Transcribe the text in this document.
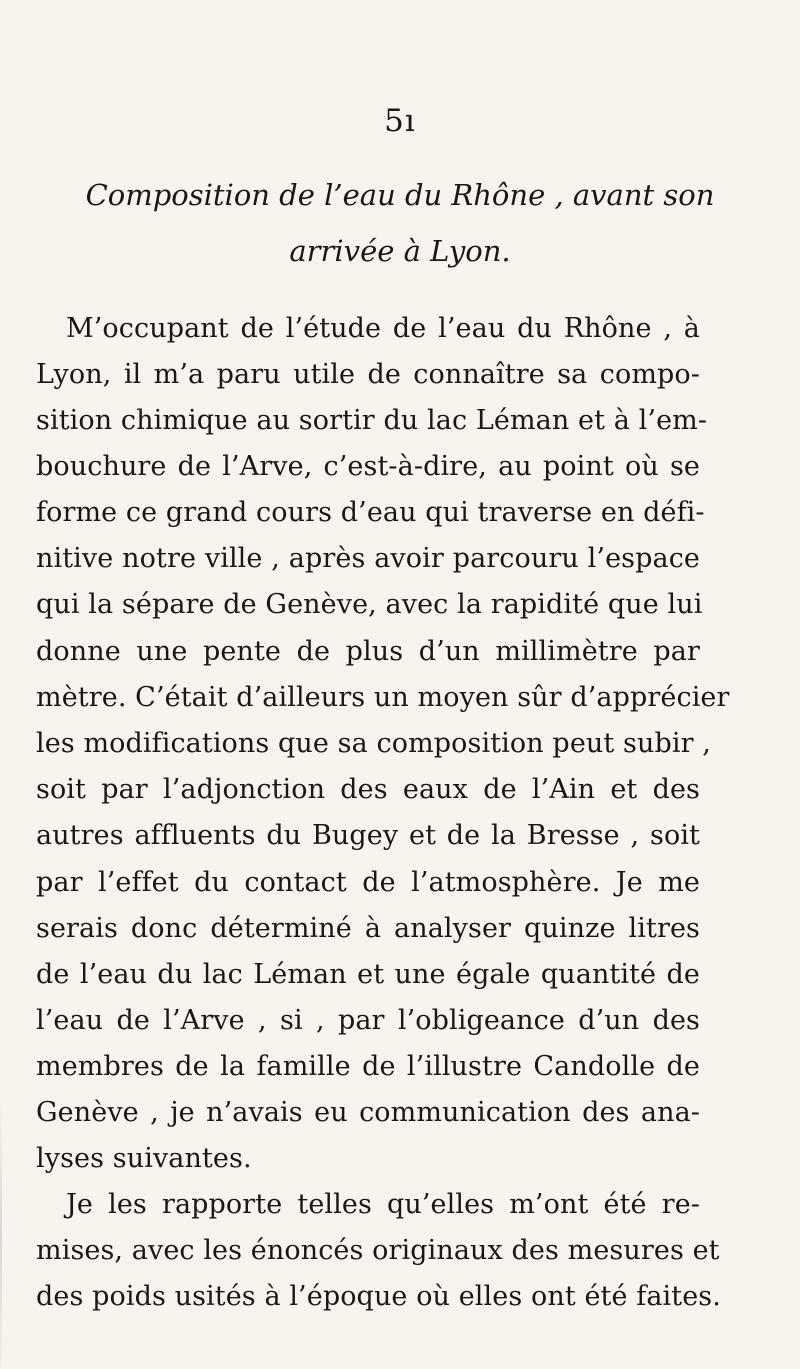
5ı
Composition de l’eau du Rhône , avant son
arrivée à Lyon.
M’occupant de l’étude de l’eau du Rhône , à
Lyon, il m’a paru utile de connaître sa compo-
sition chimique au sortir du lac Léman et à l’em-
bouchure de l’Arve, c’est-à-dire, au point où se
forme ce grand cours d’eau qui traverse en défi-
nitive notre ville , après avoir parcouru l’espace
qui la sépare de Genève, avec la rapidité que lui
donne une pente de plus d’un millimètre par
mètre. C’était d’ailleurs un moyen sûr d’apprécier
les modifications que sa composition peut subir ,
soit par l’adjonction des eaux de l’Ain et des
autres affluents du Bugey et de la Bresse , soit
par l’effet du contact de l’atmosphère. Je me
serais donc déterminé à analyser quinze litres
de l’eau du lac Léman et une égale quantité de
l’eau de l’Arve , si , par l’obligeance d’un des
membres de la famille de l’illustre Candolle de
Genève , je n’avais eu communication des ana-
lyses suivantes.
Je les rapporte telles qu’elles m’ont été re-
mises, avec les énoncés originaux des mesures et
des poids usités à l’époque où elles ont été faites.
